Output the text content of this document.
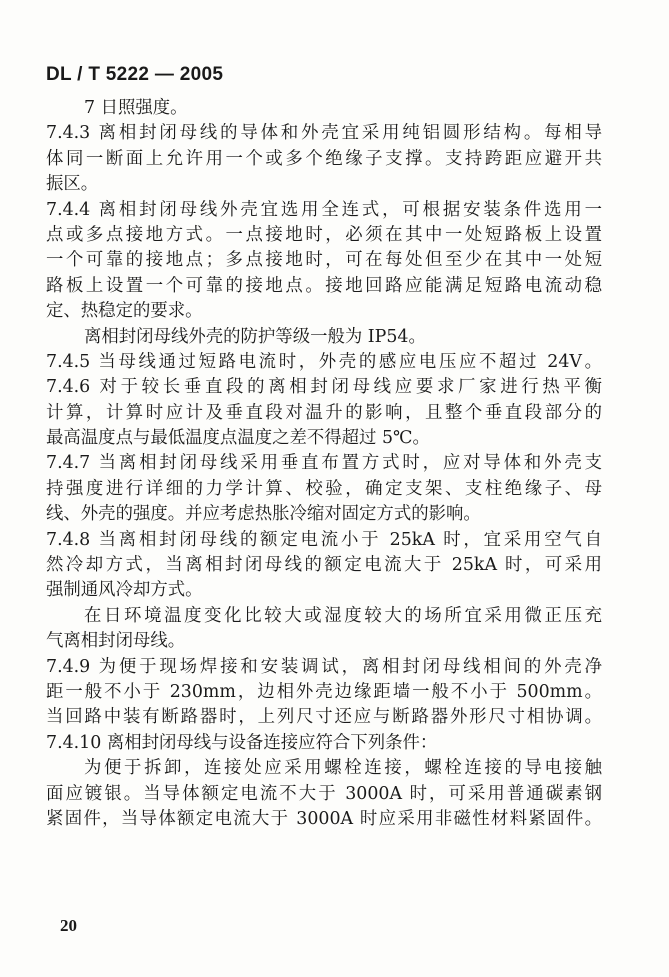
DL / T 5222 — 2005
7 日照强度。
7.4.3 离相封闭母线的导体和外壳宜采用纯铝圆形结构。每相导
体同一断面上允许用一个或多个绝缘子支撑。支持跨距应避开共
振区。
7.4.4 离相封闭母线外壳宜选用全连式，可根据安装条件选用一
点或多点接地方式。一点接地时，必须在其中一处短路板上设置
一个可靠的接地点；多点接地时，可在每处但至少在其中一处短
路板上设置一个可靠的接地点。接地回路应能满足短路电流动稳
定、热稳定的要求。
离相封闭母线外壳的防护等级一般为 IP54。
7.4.5 当母线通过短路电流时，外壳的感应电压应不超过 24V。
7.4.6 对于较长垂直段的离相封闭母线应要求厂家进行热平衡
计算，计算时应计及垂直段对温升的影响，且整个垂直段部分的
最高温度点与最低温度点温度之差不得超过 5℃。
7.4.7 当离相封闭母线采用垂直布置方式时，应对导体和外壳支
持强度进行详细的力学计算、校验，确定支架、支柱绝缘子、母
线、外壳的强度。并应考虑热胀冷缩对固定方式的影响。
7.4.8 当离相封闭母线的额定电流小于 25kA 时，宜采用空气自
然冷却方式，当离相封闭母线的额定电流大于 25kA 时，可采用
强制通风冷却方式。
在日环境温度变化比较大或湿度较大的场所宜采用微正压充
气离相封闭母线。
7.4.9 为便于现场焊接和安装调试，离相封闭母线相间的外壳净
距一般不小于 230mm，边相外壳边缘距墙一般不小于 500mm。
当回路中装有断路器时，上列尺寸还应与断路器外形尺寸相协调。
7.4.10 离相封闭母线与设备连接应符合下列条件：
为便于拆卸，连接处应采用螺栓连接，螺栓连接的导电接触
面应镀银。当导体额定电流不大于 3000A 时，可采用普通碳素钢
紧固件，当导体额定电流大于 3000A 时应采用非磁性材料紧固件。
20
